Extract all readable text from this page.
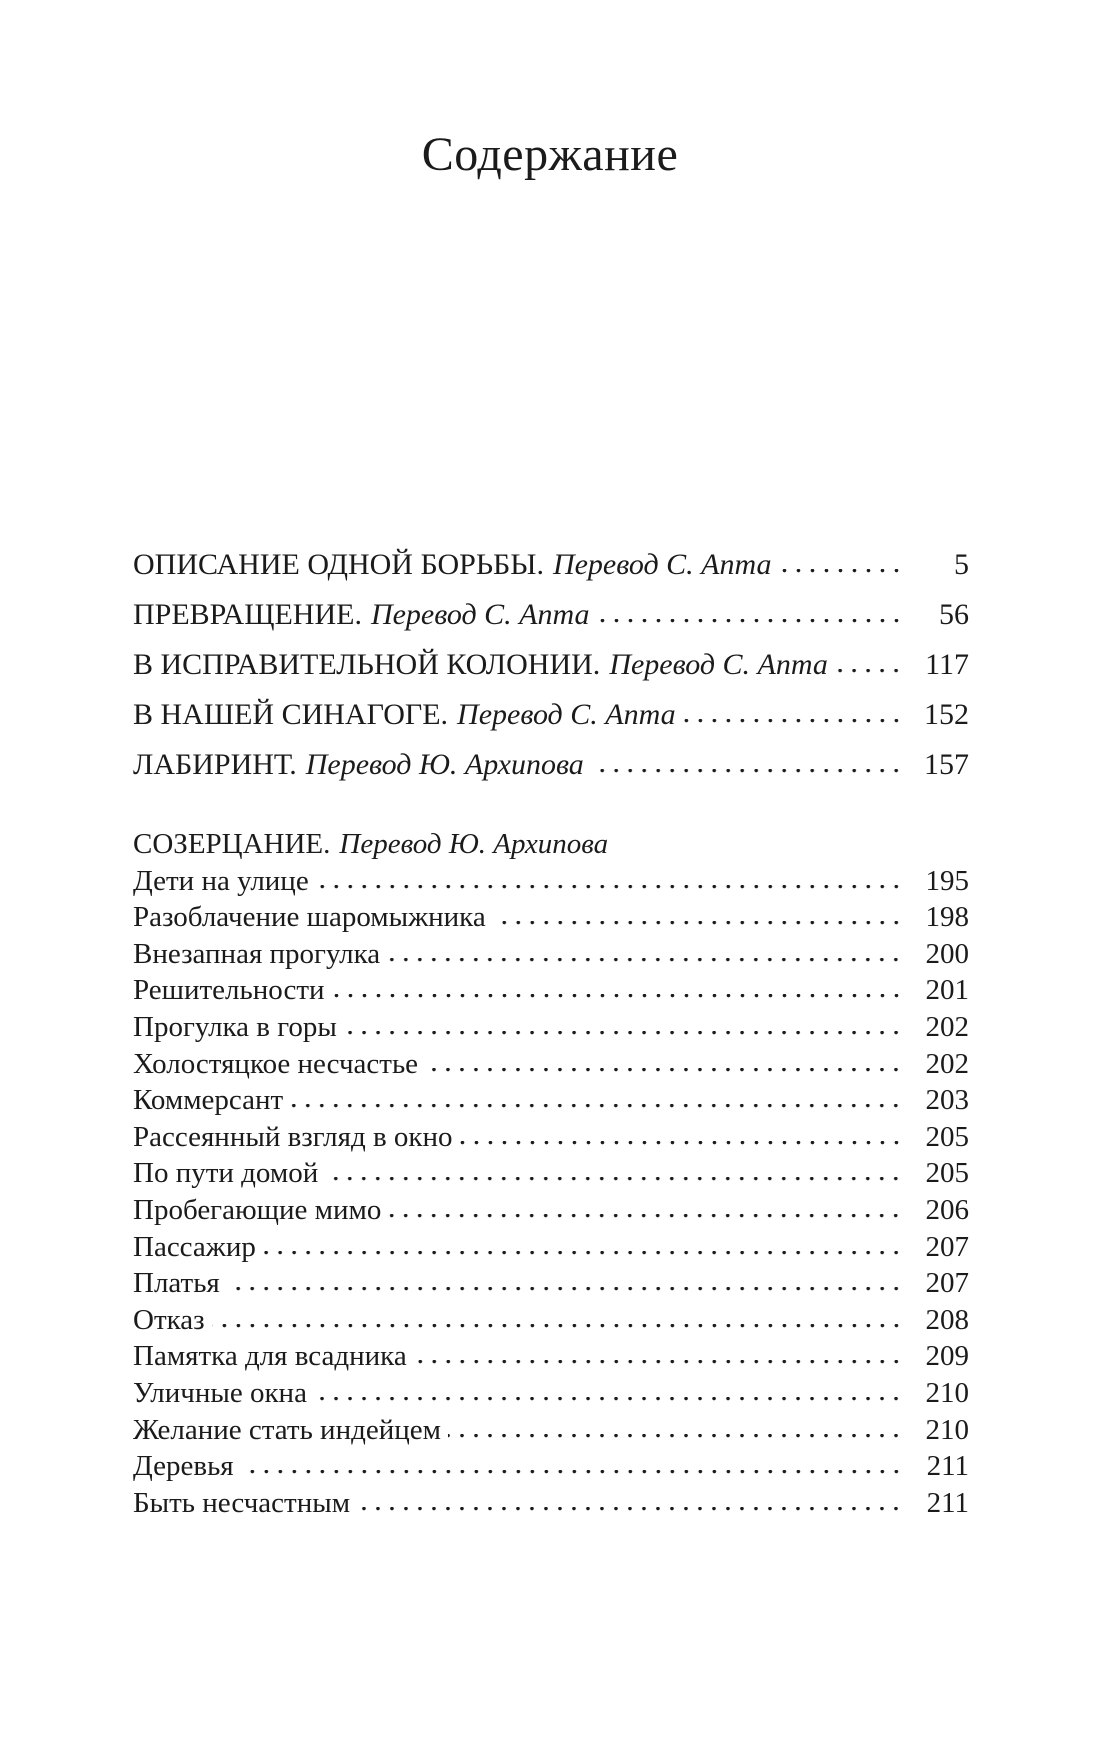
Содержание
ОПИСАНИЕ ОДНОЙ БОРЬБЫ. Перевод С. Апта	5
ПРЕВРАЩЕНИЕ. Перевод С. Апта	56
В ИСПРАВИТЕЛЬНОЙ КОЛОНИИ. Перевод С. Апта	117
В НАШЕЙ СИНАГОГЕ. Перевод С. Апта	152
ЛАБИРИНТ. Перевод Ю. Архипова	157
СОЗЕРЦАНИЕ. Перевод Ю. Архипова
Дети на улице	195
Разоблачение шаромыжника	198
Внезапная прогулка	200
Решительности	201
Прогулка в горы	202
Холостяцкое несчастье	202
Коммерсант	203
Рассеянный взгляд в окно	205
По пути домой	205
Пробегающие мимо	206
Пассажир	207
Платья	207
Отказ	208
Памятка для всадника	209
Уличные окна	210
Желание стать индейцем	210
Деревья	211
Быть несчастным	211
